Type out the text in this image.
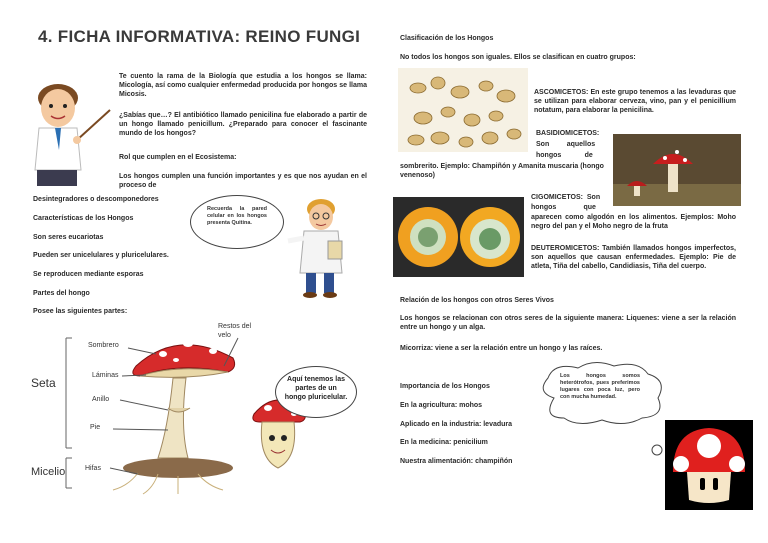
4. FICHA INFORMATIVA: REINO FUNGI
Te cuento la rama de la Biología que estudia a los hongos se llama: Micología, así como cualquier enfermedad producida por hongos se llama Micosis.
¿Sabías que…? El antibiótico llamado penicilina fue elaborado a partir de un hongo llamado penicillum. ¿Preparado para conocer el fascinante mundo de los hongos?
Rol que cumplen en el Ecosistema:
Los hongos cumplen una función importantes y es que nos ayudan en el proceso de
Desintegradores o descomponedores
Características de los Hongos
Son seres eucariotas
Pueden ser unicelulares y pluricelulares.
Se reproducen mediante esporas
Partes del hongo
Posee las siguientes partes:
Recuerda la pared celular en los hongos presenta Quitina.
Seta
Micelio
Sombrero
Láminas
Anillo
Pie
Hifas
Restos del velo
Aquí tenemos las partes de un hongo pluricelular.
Clasificación de los Hongos
No todos los hongos son iguales. Ellos se clasifican en cuatro grupos:
ASCOMICETOS: En este grupo tenemos a las levaduras que se utilizan para elaborar cerveza, vino, pan y el penicillium notatum, para elaborar la penicilina.
BASIDIOMICETOS:
Son         aquellos
hongos            de
sombrerito. Ejemplo: Champiñón y Amanita muscaria (hongo venenoso)
CIGOMICETOS:  Son
hongos              que
aparecen como algodón en los alimentos. Ejemplos: Moho negro del pan y el Moho negro de la fruta
DEUTEROMICETOS: También llamados hongos imperfectos, son aquellos que causan enfermedades. Ejemplo: Pie de atleta, Tiña del cabello, Candidiasis, Tiña del cuerpo.
Relación de los hongos con otros Seres Vivos
Los hongos se relacionan con otros seres de la siguiente manera: Liquenes: viene a ser la relación entre un hongo y un alga.
Micorriza: viene a ser la relación entre un hongo y las raíces.
Importancia de los Hongos
En la agricultura: mohos
Aplicado en la industria: levadura
En la medicina: penicilium
Nuestra alimentación: champiñón
Los hongos somos heterótrofos, pues preferimos lugares con poca luz, pero con mucha humedad.
